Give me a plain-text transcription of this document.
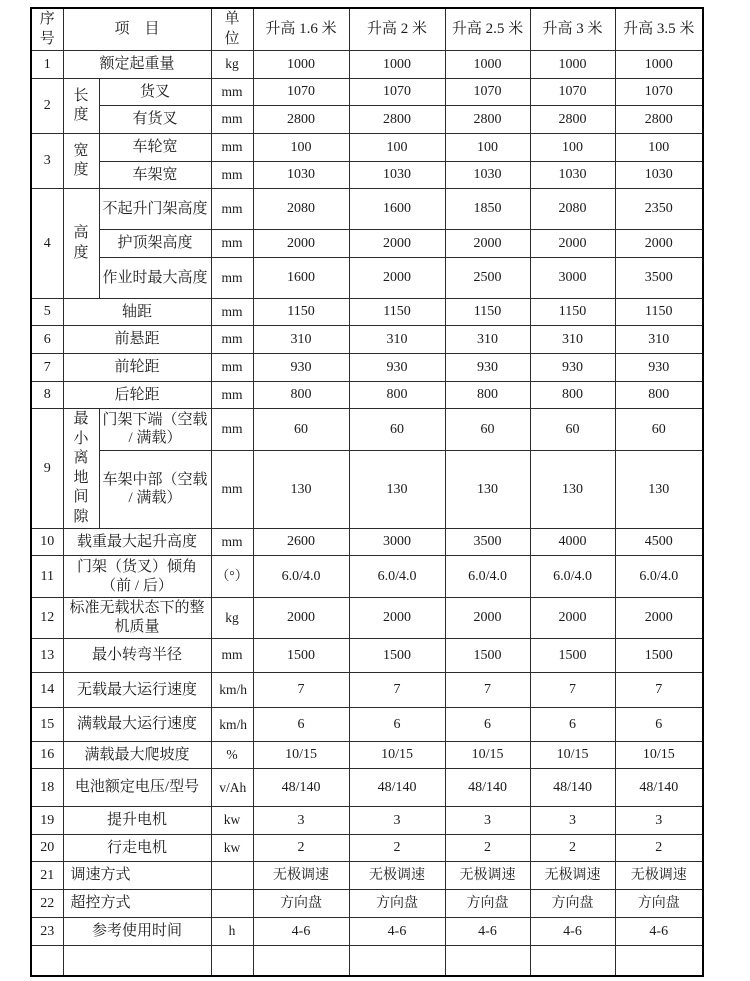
序号	项　目		单位	升高 1.6 米	升高 2 米	升高 2.5 米	升高 3 米	升高 3.5 米
1	额定起重量		kg	1000	1000	1000	1000	1000
2	长度	货叉	mm	1070	1070	1070	1070	1070
		有货叉	mm	2800	2800	2800	2800	2800
3	宽度	车轮宽	mm	100	100	100	100	100
		车架宽	mm	1030	1030	1030	1030	1030
4	高度	不起升门架高度	mm	2080	1600	1850	2080	2350
		护顶架高度	mm	2000	2000	2000	2000	2000
		作业时最大高度	mm	1600	2000	2500	3000	3500
5	轴距		mm	1150	1150	1150	1150	1150
6	前悬距		mm	310	310	310	310	310
7	前轮距		mm	930	930	930	930	930
8	后轮距		mm	800	800	800	800	800
9	最小离地间隙	门架下端（空载 / 满载）	mm	60	60	60	60	60
		车架中部（空载 / 满载）	mm	130	130	130	130	130
10	载重最大起升高度		mm	2600	3000	3500	4000	4500
11	门架（货叉）倾角（前 / 后）		（°）	6.0/4.0	6.0/4.0	6.0/4.0	6.0/4.0	6.0/4.0
12	标准无载状态下的整机质量		kg	2000	2000	2000	2000	2000
13	最小转弯半径		mm	1500	1500	1500	1500	1500
14	无载最大运行速度		km/h	7	7	7	7	7
15	满载最大运行速度		km/h	6	6	6	6	6
16	满载最大爬坡度		%	10/15	10/15	10/15	10/15	10/15
18	电池额定电压/型号		v/Ah	48/140	48/140	48/140	48/140	48/140
19	提升电机		kw	3	3	3	3	3
20	行走电机		kw	2	2	2	2	2
21	调速方式			无极调速	无极调速	无极调速	无极调速	无极调速
22	超控方式			方向盘	方向盘	方向盘	方向盘	方向盘
23	参考使用时间		h	4-6	4-6	4-6	4-6	4-6
